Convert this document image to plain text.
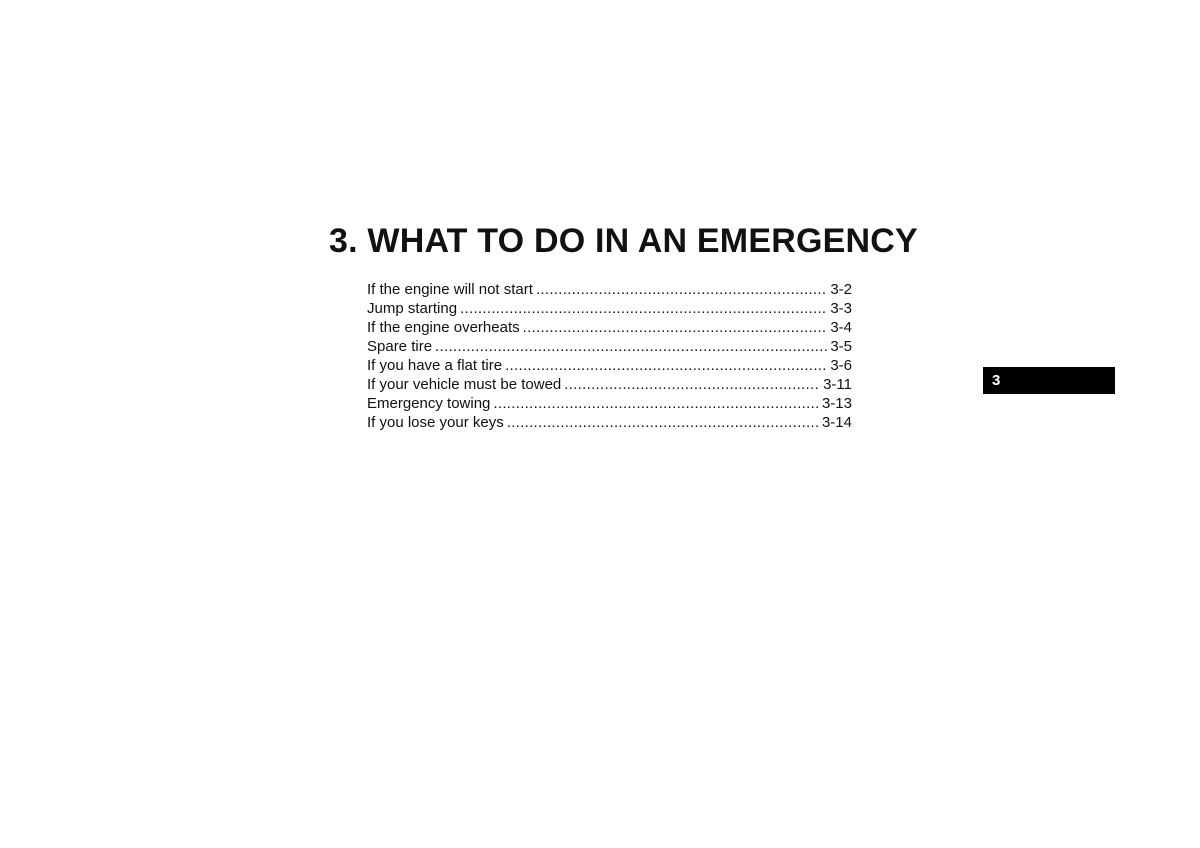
3. WHAT TO DO IN AN EMERGENCY
If the engine will not start .....	3-2
Jump starting .....	3-3
If the engine overheats .....	3-4
Spare tire .....	3-5
If you have a flat tire .....	3-6
If your vehicle must be towed .....	3-11
Emergency towing .....	3-13
If you lose your keys .....	3-14
3
